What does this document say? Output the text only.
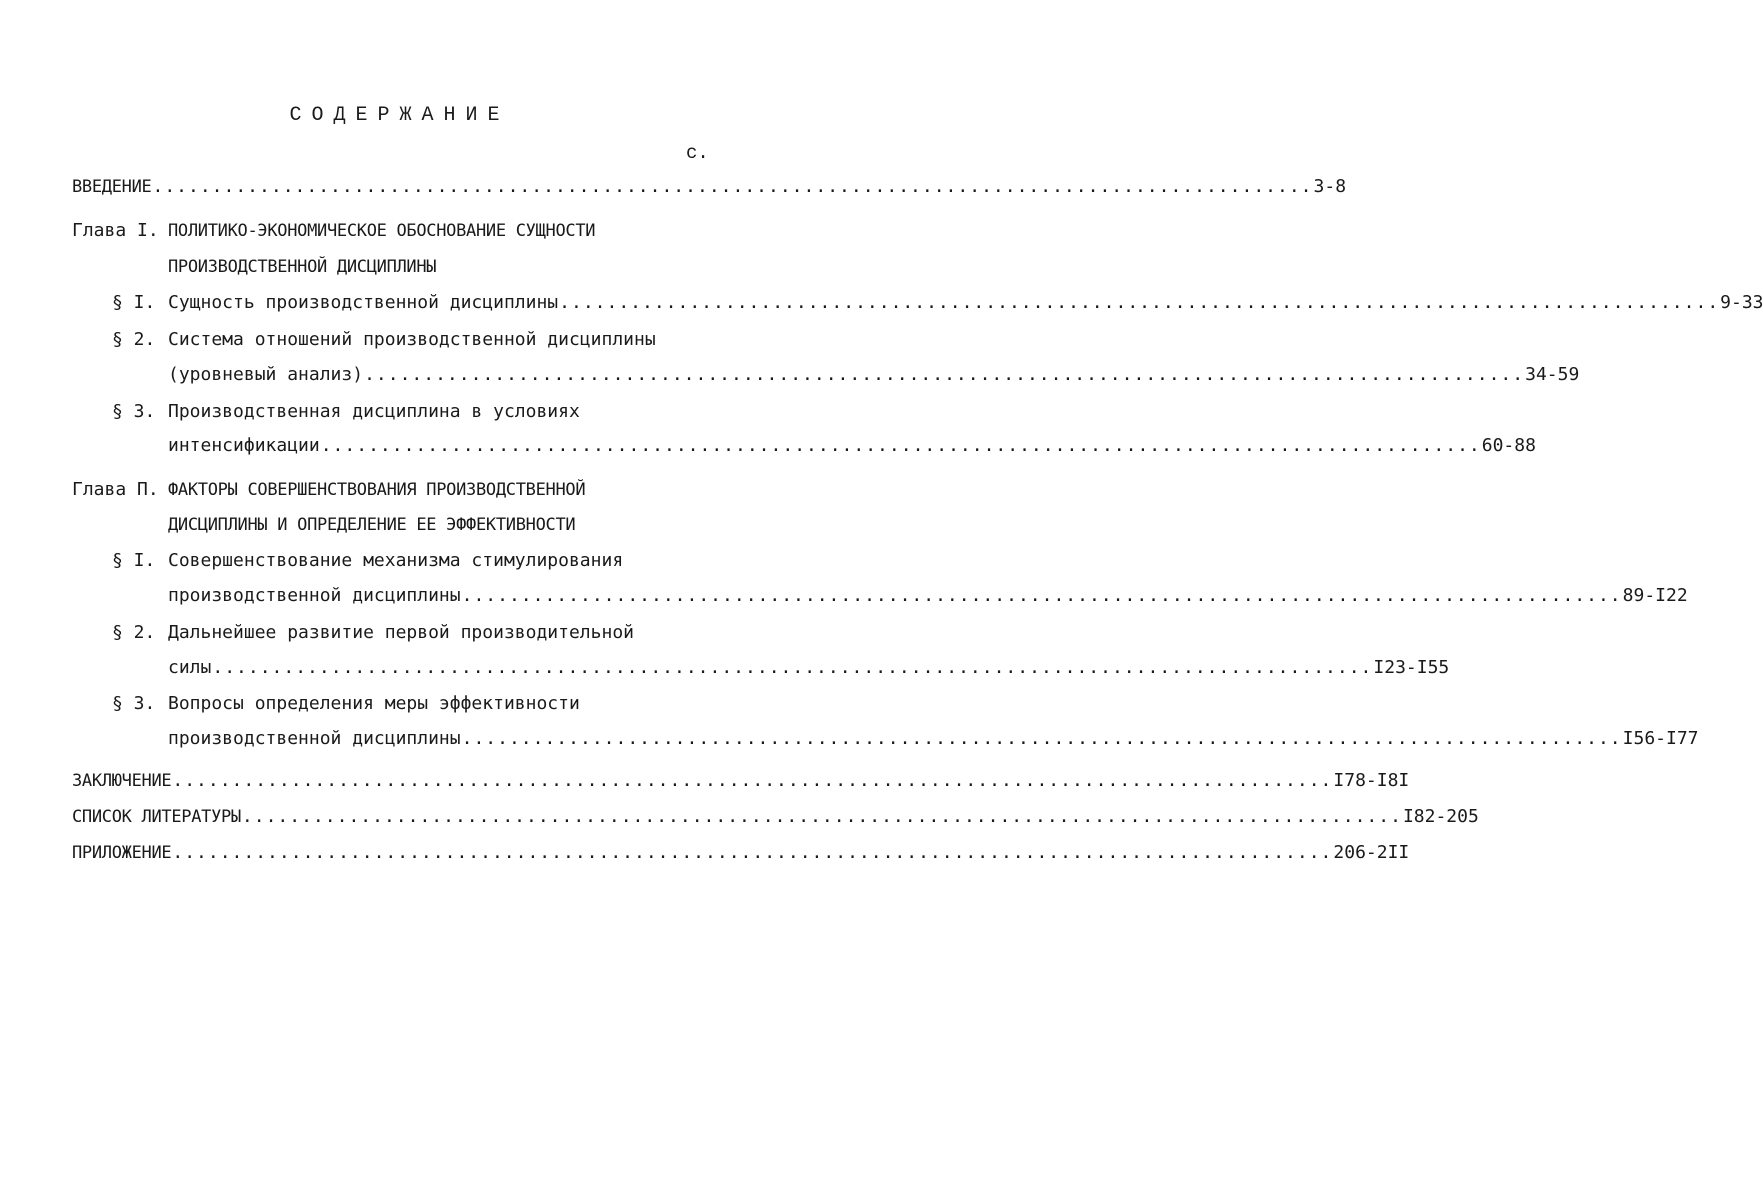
СОДЕРЖАНИЕ
с.
ВВЕДЕНИЕ .................................................................................................. 3-8
Глава I. ПОЛИТИКО-ЭКОНОМИЧЕСКОЕ ОБОСНОВАНИЕ СУЩНОСТИ
ПРОИЗВОДСТВЕННОЙ ДИСЦИПЛИНЫ
§ I. Сущность производственной дисциплины .................................................................................................. 9-33
§ 2. Система отношений производственной дисциплины
(уровневый анализ) .................................................................................................. 34-59
§ 3. Производственная дисциплина в условиях
интенсификации .................................................................................................. 60-88
Глава П. ФАКТОРЫ СОВЕРШЕНСТВОВАНИЯ ПРОИЗВОДСТВЕННОЙ
ДИСЦИПЛИНЫ И ОПРЕДЕЛЕНИЕ ЕЕ ЭФФЕКТИВНОСТИ
§ I. Совершенствование механизма стимулирования
производственной дисциплины .................................................................................................. 89-I22
§ 2. Дальнейшее развитие первой производительной
силы .................................................................................................. I23-I55
§ 3. Вопросы определения меры эффективности
производственной дисциплины .................................................................................................. I56-I77
ЗАКЛЮЧЕНИЕ .................................................................................................. I78-I8I
СПИСОК ЛИТЕРАТУРЫ .................................................................................................. I82-205
ПРИЛОЖЕНИЕ .................................................................................................. 206-2II
